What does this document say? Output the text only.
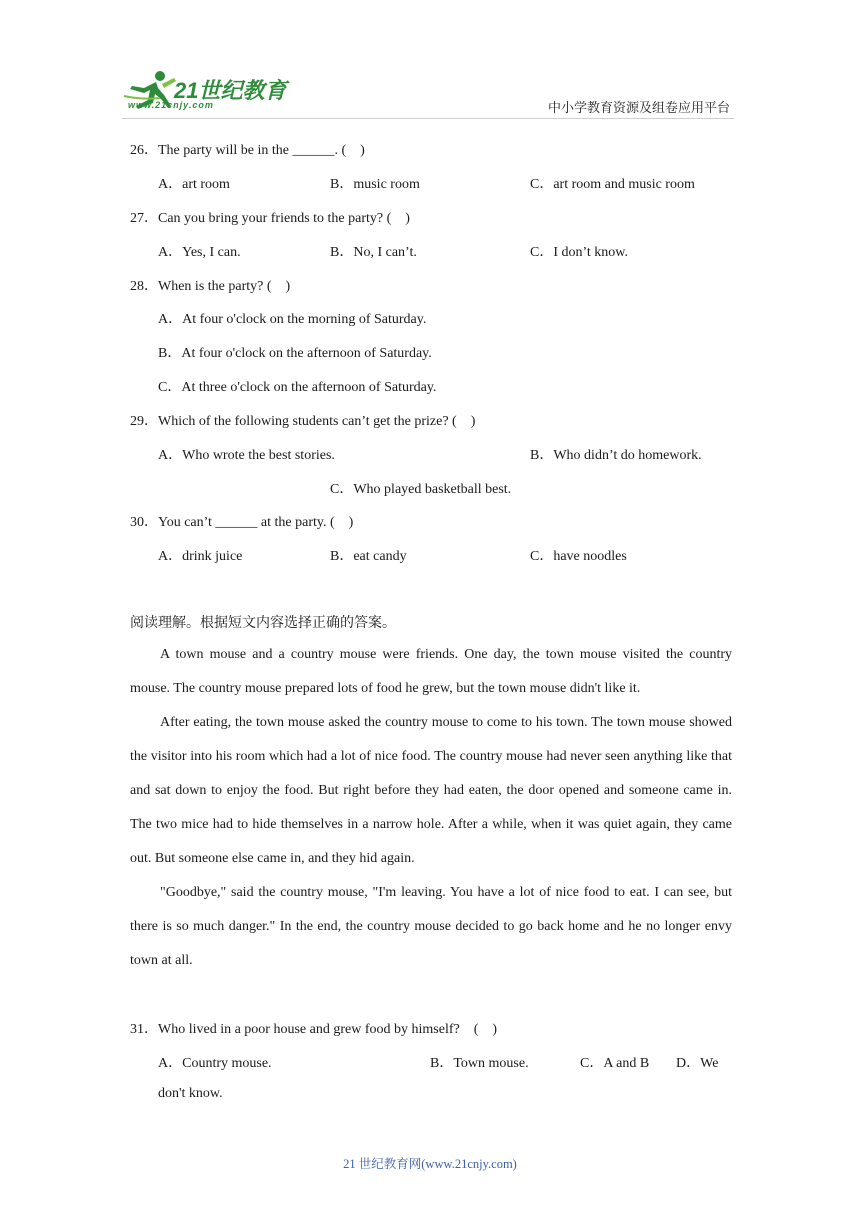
21世纪教育
www.21cnjy.com	中小学教育资源及组卷应用平台
26．The party will be in the ______. (　)
A．art room	B．music room	C．art room and music room
27．Can you bring your friends to the party? (　)
A．Yes, I can.	B．No, I can’t.	C．I don’t know.
28．When is the party? (　)
A．At four o'clock on the morning of Saturday.
B．At four o'clock on the afternoon of Saturday.
C．At three o'clock on the afternoon of Saturday.
29．Which of the following students can’t get the prize? (　)
A．Who wrote the best stories.	B．Who didn’t do homework.
C．Who played basketball best.
30．You can’t ______ at the party. (　)
A．drink juice	B．eat candy	C．have noodles
阅读理解。根据短文内容选择正确的答案。

A town mouse and a country mouse were friends. One day, the town mouse visited the country mouse. The country mouse prepared lots of food he grew, but the town mouse didn't like it.

After eating, the town mouse asked the country mouse to come to his town. The town mouse showed the visitor into his room which had a lot of nice food. The country mouse had never seen anything like that and sat down to enjoy the food. But right before they had eaten, the door opened and someone came in. The two mice had to hide themselves in a narrow hole. After a while, when it was quiet again, they came out. But someone else came in, and they hid again.

"Goodbye," said the country mouse, "I'm leaving. You have a lot of nice food to eat. I can see, but there is so much danger." In the end, the country mouse decided to go back home and he no longer envy town at all.

31．Who lived in a poor house and grew food by himself?　(　)
A．Country mouse.	B．Town mouse.	C．A and B D．We
don't know.
21 世纪教育网(www.21cnjy.com)
